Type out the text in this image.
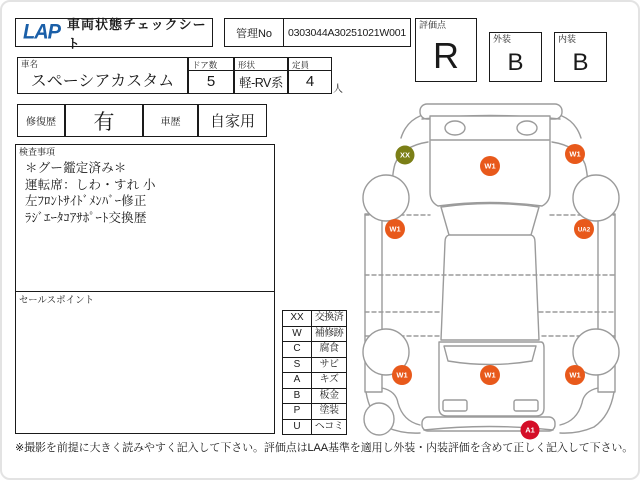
LAP 車両状態チェックシート
管理No	0303044A30251021W001
評価点
R	外装
B
内装
B
車名
スペーシアカスタム
ドア数
5
形状
軽-RV系
定員
4	人
修復歴	有	車歴	自家用
検査事項
＊グー鑑定済み＊
運転席：しわ・すれ 小
左ﾌﾛﾝﾄｻｲﾄﾞﾒﾝﾊﾞｰ修正
ﾗｼﾞｴｰﾀｺｱｻﾎﾟｰﾄ交換歴
セールスポイント
XX	交換済
W	補修跡
C	腐食
S	サビ
A	キズ
B	板金
P	塗装
U	ヘコミ
XX
W1
W1
W1	UA2
W1	W1	W1
A1
※撮影を前提に大きく読みやすく記入して下さい。評価点はLAA基準を適用し外装・内装評価を含めて正しく記入して下さい。
